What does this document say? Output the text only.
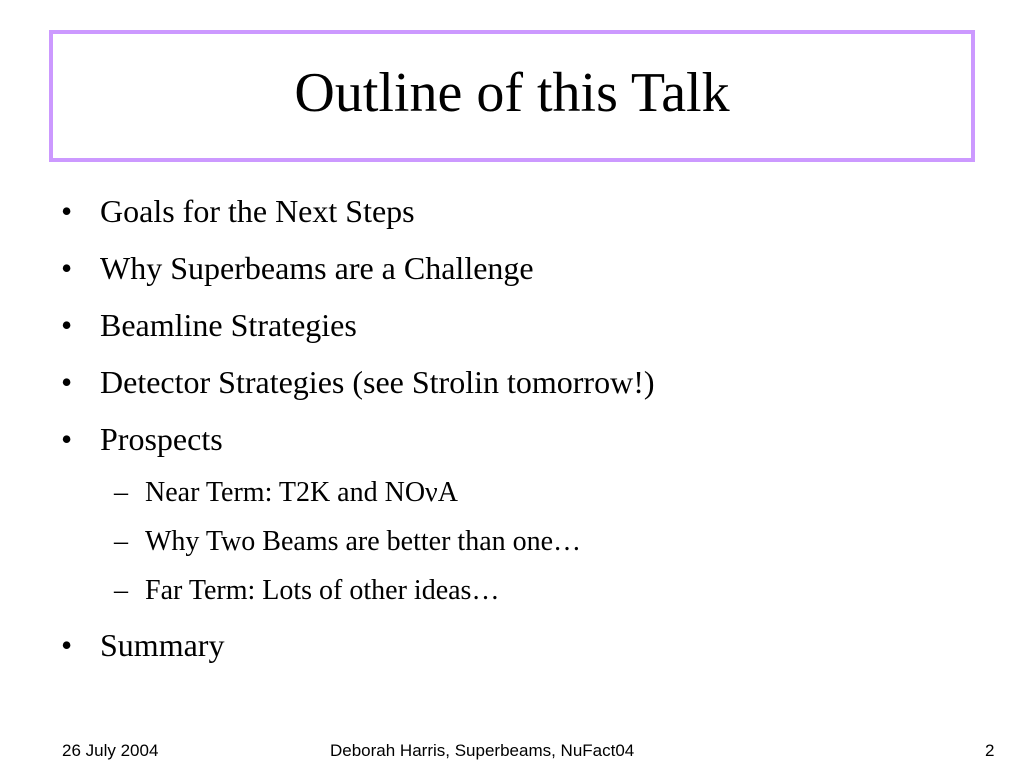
Outline of this Talk
• Goals for the Next Steps
• Why Superbeams are a Challenge
• Beamline Strategies
• Detector Strategies (see Strolin tomorrow!)
• Prospects
– Near Term: T2K and NOνA
– Why Two Beams are better than one…
– Far Term: Lots of other ideas…
• Summary
26 July 2004	Deborah Harris, Superbeams, NuFact04	2
